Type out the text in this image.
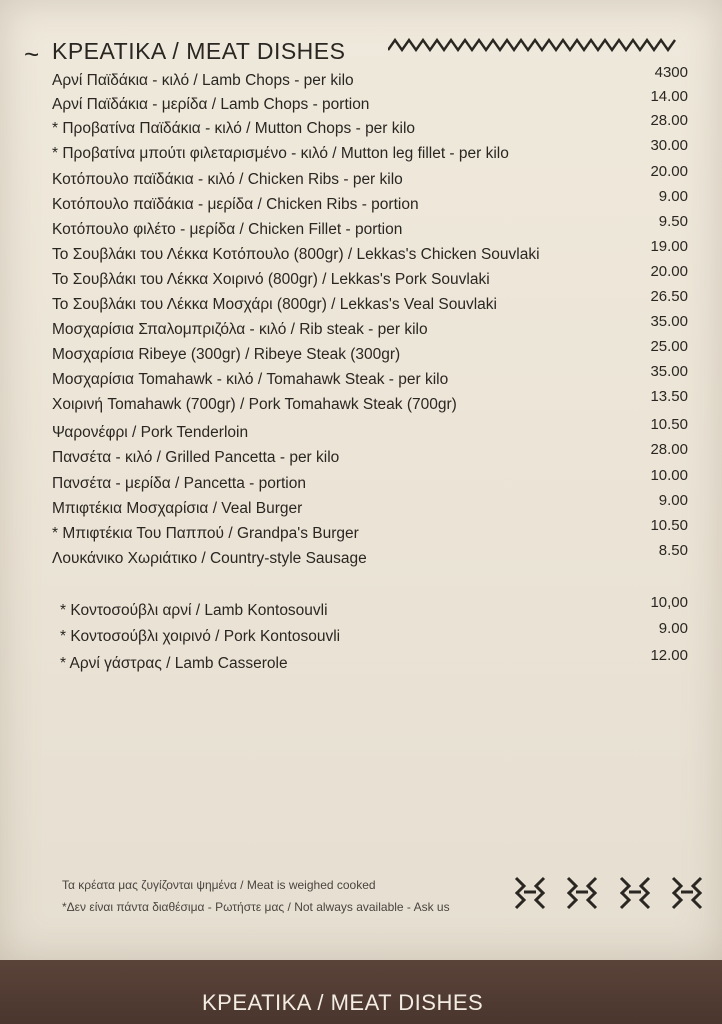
~ ΚΡΕΑΤΙΚΑ / MEAT DISHES
Αρνί Παϊδάκια - κιλό / Lamb Chops - per kilo	4300
Αρνί Παϊδάκια - μερίδα / Lamb Chops - portion	14.00
* Προβατίνα Παϊδάκια - κιλό / Mutton Chops - per kilo	28.00
* Προβατίνα μπούτι φιλεταρισμένο - κιλό / Mutton leg fillet - per kilo	30.00
Κοτόπουλο παϊδάκια - κιλό / Chicken Ribs - per kilo	20.00
Κοτόπουλο παϊδάκια - μερίδα / Chicken Ribs - portion	9.00
Κοτόπουλο φιλέτο - μερίδα / Chicken Fillet - portion	9.50
Το Σουβλάκι του Λέκκα Κοτόπουλο (800gr) / Lekkas's Chicken Souvlaki	19.00
Το Σουβλάκι του Λέκκα Χοιρινό (800gr) / Lekkas's Pork Souvlaki	20.00
Το Σουβλάκι του Λέκκα Μοσχάρι (800gr) / Lekkas's Veal Souvlaki	26.50
Μοσχαρίσια Σπαλομπριζόλα - κιλό / Rib steak - per kilo	35.00
Μοσχαρίσια Ribeye (300gr) / Ribeye Steak (300gr)	25.00
Μοσχαρίσια Tomahawk - κιλό / Tomahawk Steak - per kilo	35.00
Χοιρινή Tomahawk (700gr) / Pork Tomahawk Steak (700gr)	13.50
Ψαρονέφρι / Pork Tenderloin	10.50
Πανσέτα - κιλό / Grilled Pancetta - per kilo	28.00
Πανσέτα - μερίδα / Pancetta - portion	10.00
Μπιφτέκια Μοσχαρίσια / Veal Burger	9.00
* Μπιφτέκια Του Παππού / Grandpa's Burger	10.50
Λουκάνικο Χωριάτικο / Country-style Sausage	8.50
* Κοντοσούβλι αρνί / Lamb Kontosouvli	10,00
* Κοντοσούβλι χοιρινό / Pork Kontosouvli	9.00
* Αρνί γάστρας / Lamb Casserole	12.00
Τα κρέατα μας ζυγίζονται ψημένα / Meat is weighed cooked
*Δεν είναι πάντα διαθέσιμα - Ρωτήστε μας / Not always available - Ask us

ΚΡΕΑΤΙΚΑ / MEAT DISHES
